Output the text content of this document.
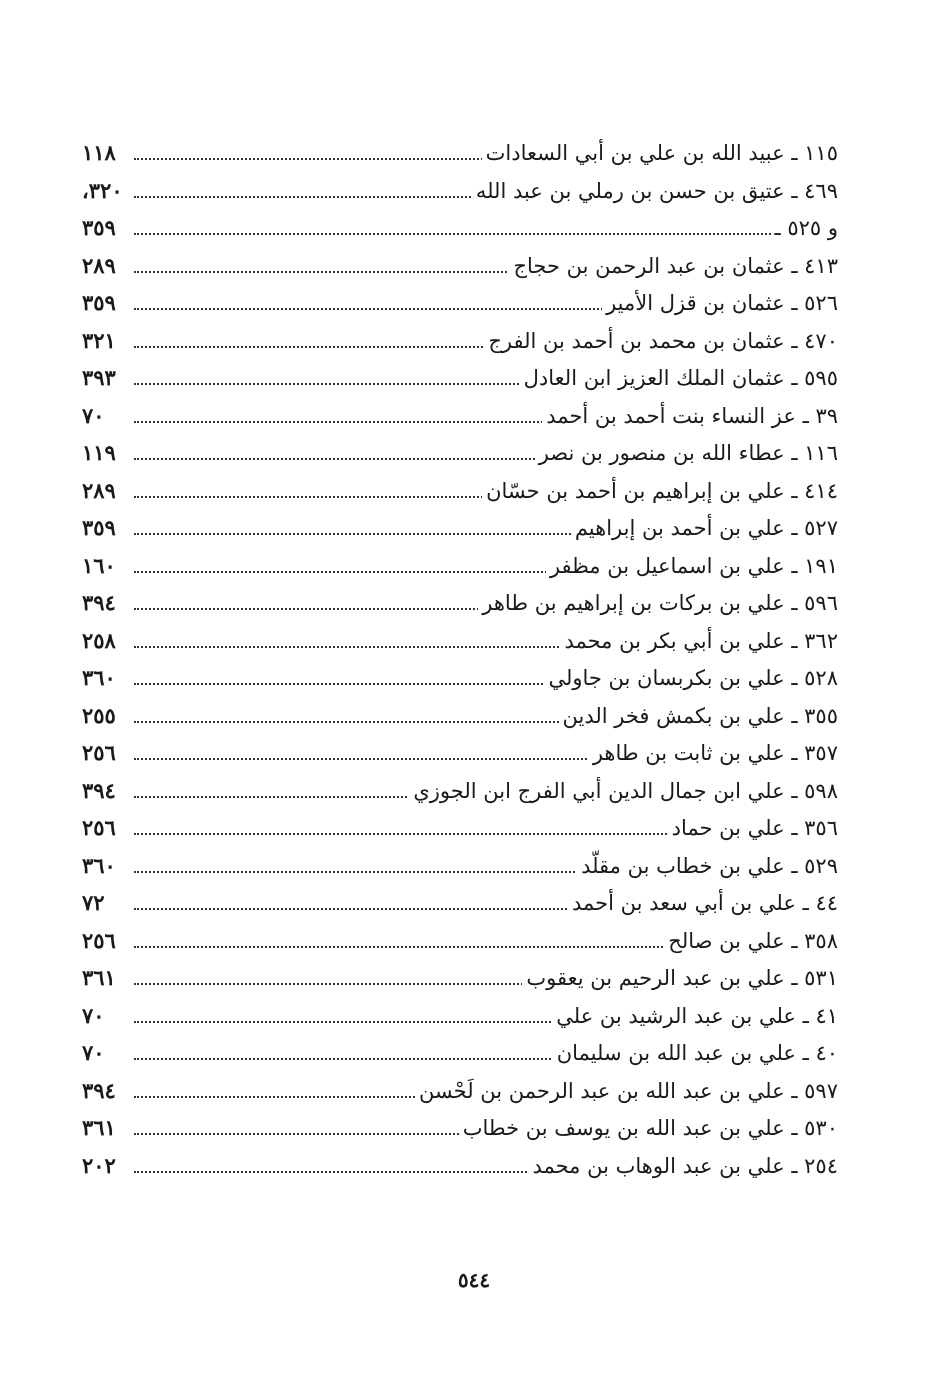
١١٥ ـ عبيد الله بن علي بن أبي السعادات
١١٨
٤٦٩ ـ عتيق بن حسن بن رملي بن عبد الله
٣٢٠،
و ٥٢٥ ـ
٣٥٩
٤١٣ ـ عثمان بن عبد الرحمن بن حجاج
٢٨٩
٥٢٦ ـ عثمان بن قزل الأمير
٣٥٩
٤٧٠ ـ عثمان بن محمد بن أحمد بن الفرج
٣٢١
٥٩٥ ـ عثمان الملك العزيز ابن العادل
٣٩٣
٣٩ ـ عز النساء بنت أحمد بن أحمد
٧٠
١١٦ ـ عطاء الله بن منصور بن نصر
١١٩
٤١٤ ـ علي بن إبراهيم بن أحمد بن حسّان
٢٨٩
٥٢٧ ـ علي بن أحمد بن إبراهيم
٣٥٩
١٩١ ـ علي بن اسماعيل بن مظفر
١٦٠
٥٩٦ ـ علي بن بركات بن إبراهيم بن طاهر
٣٩٤
٣٦٢ ـ علي بن أبي بكر بن محمد
٢٥٨
٥٢٨ ـ علي بن بكربسان بن جاولي
٣٦٠
٣٥٥ ـ علي بن بكمش فخر الدين
٢٥٥
٣٥٧ ـ علي بن ثابت بن طاهر
٢٥٦
٥٩٨ ـ علي ابن جمال الدين أبي الفرج ابن الجوزي
٣٩٤
٣٥٦ ـ علي بن حماد
٢٥٦
٥٢٩ ـ علي بن خطاب بن مقلّد
٣٦٠
٤٤ ـ علي بن أبي سعد بن أحمد
٧٢
٣٥٨ ـ علي بن صالح
٢٥٦
٥٣١ ـ علي بن عبد الرحيم بن يعقوب
٣٦١
٤١ ـ علي بن عبد الرشيد بن علي
٧٠
٤٠ ـ علي بن عبد الله بن سليمان
٧٠
٥٩٧ ـ علي بن عبد الله بن عبد الرحمن بن لَحْسن
٣٩٤
٥٣٠ ـ علي بن عبد الله بن يوسف بن خطاب
٣٦١
٢٥٤ ـ علي بن عبد الوهاب بن محمد
٢٠٢
٥٤٤
